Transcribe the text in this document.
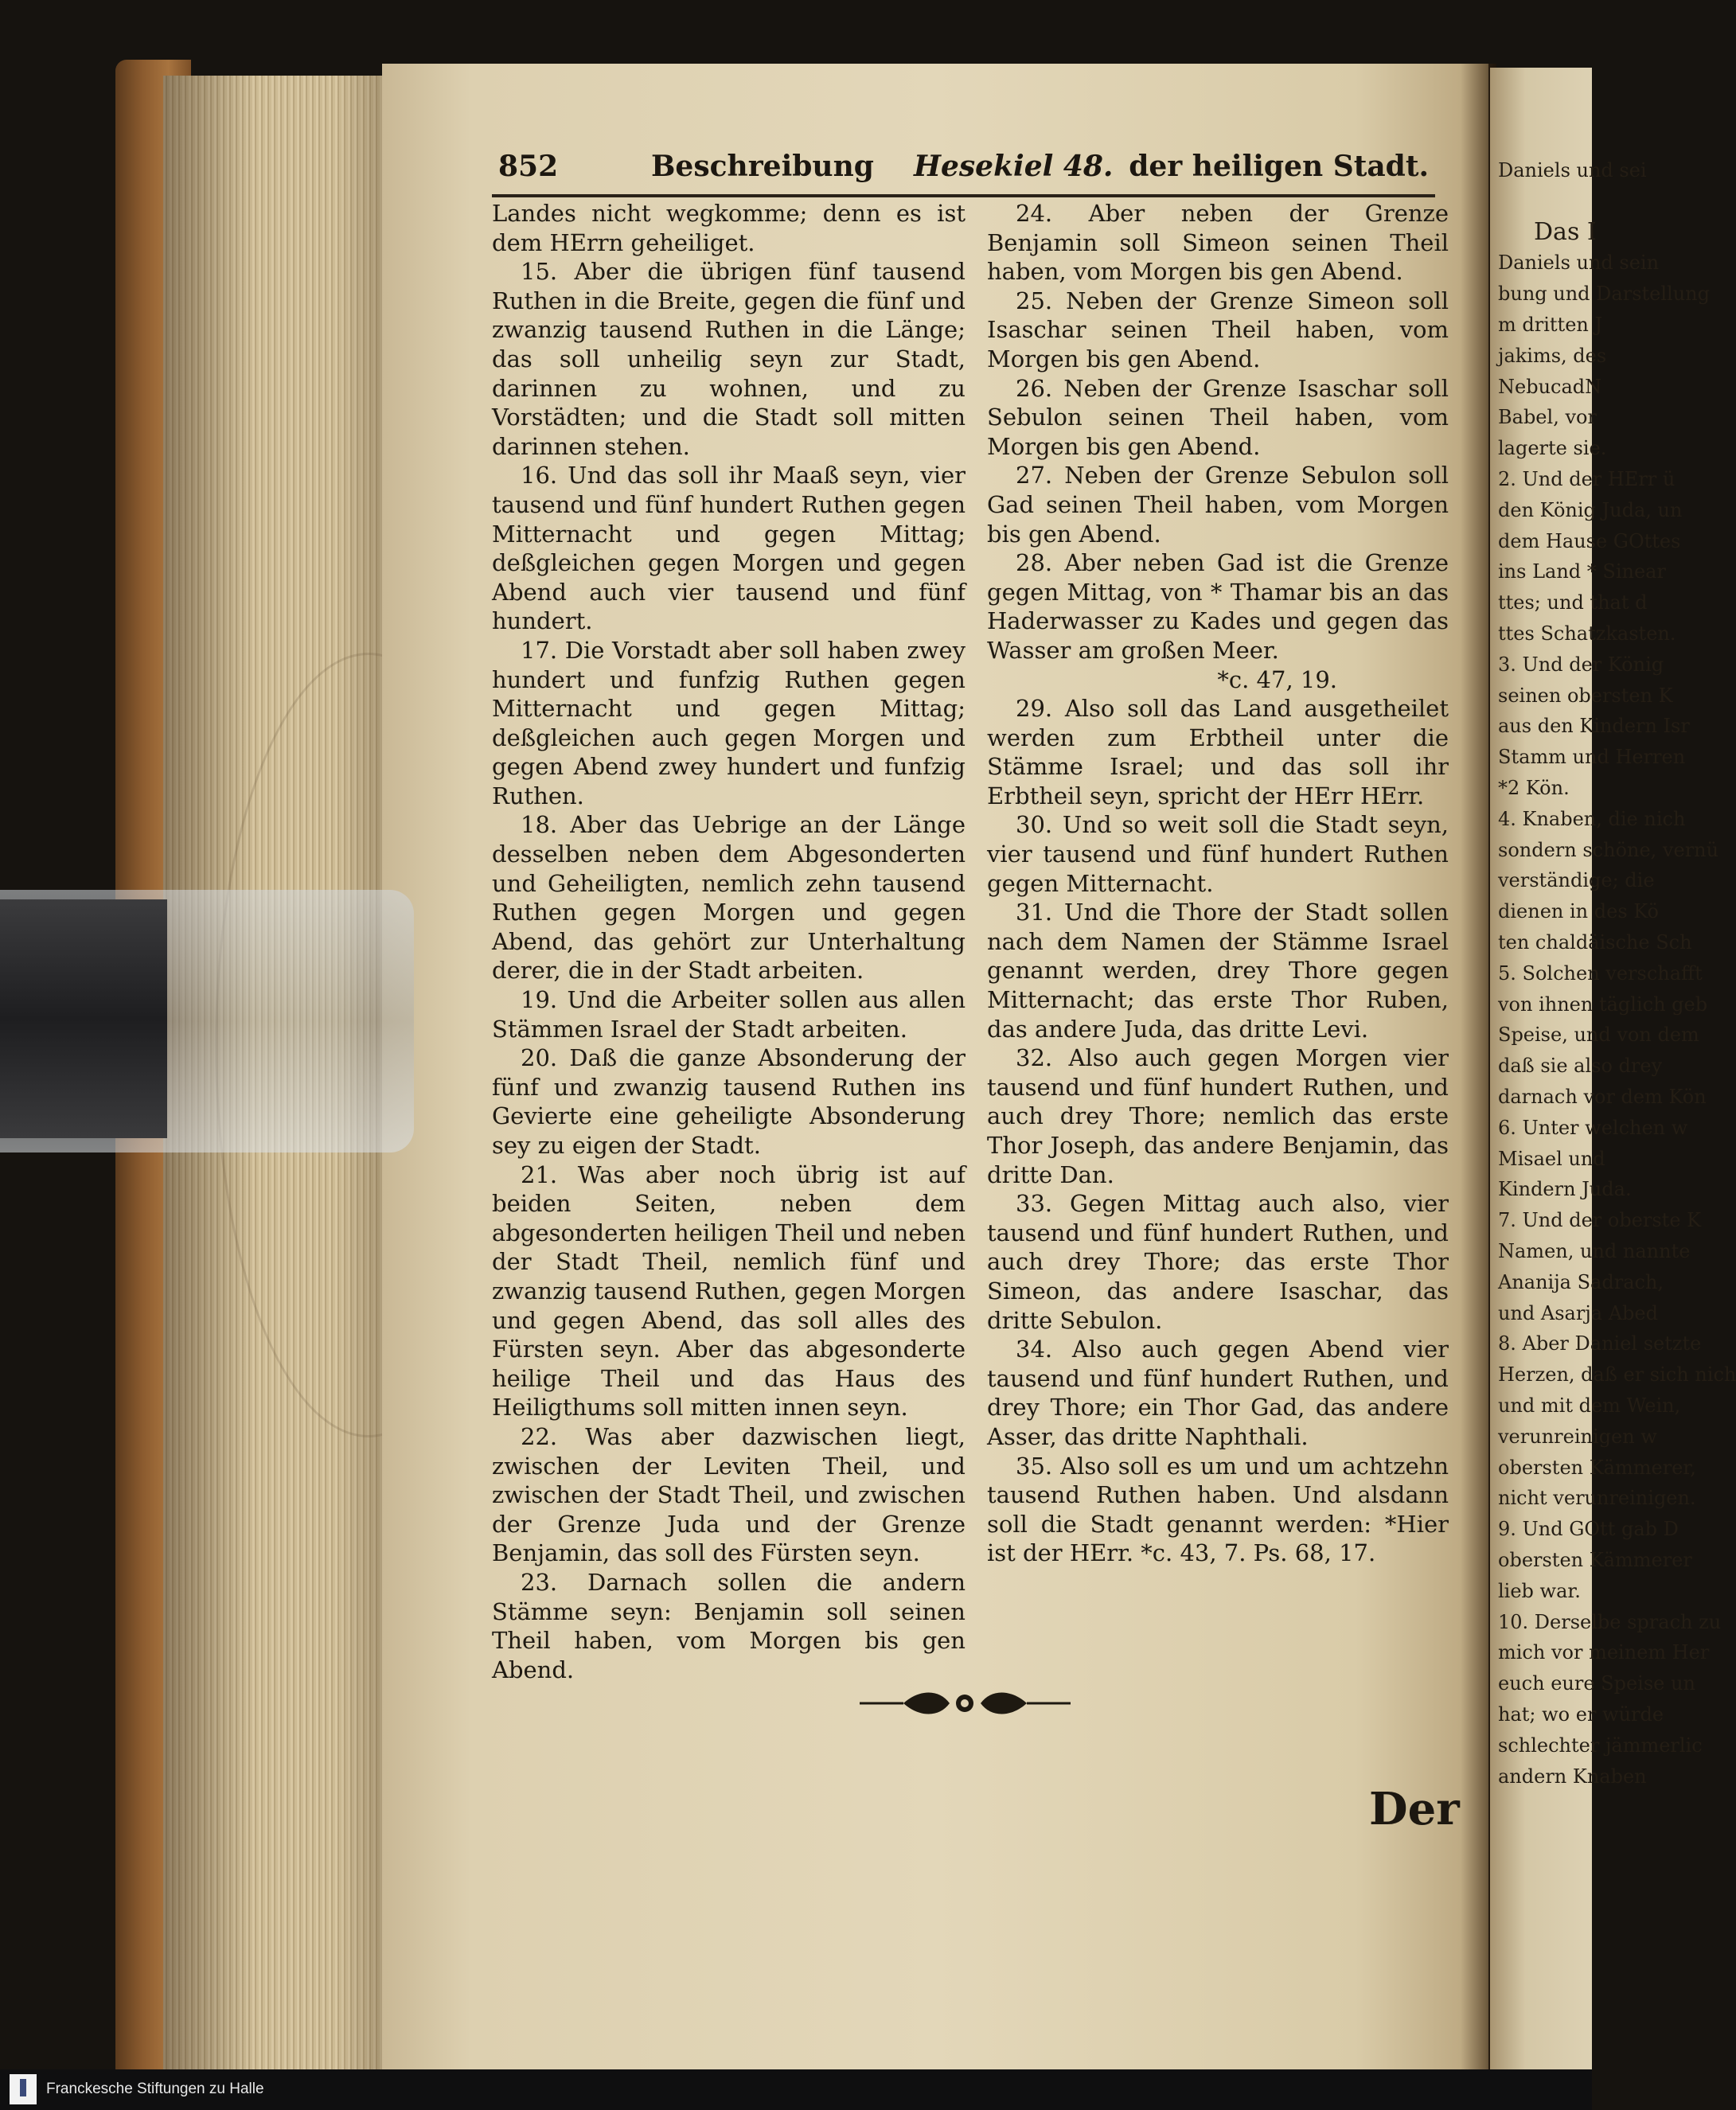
852	Beschreibung Hesekiel 48. der heiligen Stadt.

Landes nicht wegkomme; denn es ist dem HErrn geheiliget.

15. Aber die übrigen fünf tausend Ruthen in die Breite, gegen die fünf und zwanzig tausend Ruthen in die Länge; das soll unheilig seyn zur Stadt, darinnen zu wohnen, und zu Vorstädten; und die Stadt soll mitten darinnen stehen.

16. Und das soll ihr Maaß seyn, vier tausend und fünf hundert Ruthen gegen Mitternacht und gegen Mittag; deßgleichen gegen Morgen und gegen Abend auch vier tausend und fünf hundert.

17. Die Vorstadt aber soll haben zwey hundert und funfzig Ruthen gegen Mitternacht und gegen Mittag; deßgleichen auch gegen Morgen und gegen Abend zwey hundert und funfzig Ruthen.

18. Aber das Uebrige an der Länge desselben neben dem Abgesonderten und Geheiligten, nemlich zehn tausend Ruthen gegen Morgen und gegen Abend, das gehört zur Unterhaltung derer, die in der Stadt arbeiten.

19. Und die Arbeiter sollen aus allen Stämmen Israel der Stadt arbeiten.

20. Daß die ganze Absonderung der fünf und zwanzig tausend Ruthen ins Gevierte eine geheiligte Absonderung sey zu eigen der Stadt.

21. Was aber noch übrig ist auf beiden Seiten, neben dem abgesonderten heiligen Theil und neben der Stadt Theil, nemlich fünf und zwanzig tausend Ruthen, gegen Morgen und gegen Abend, das soll alles des Fürsten seyn. Aber das abgesonderte heilige Theil und das Haus des Heiligthums soll mitten innen seyn.

22. Was aber dazwischen liegt, zwischen der Leviten Theil, und zwischen der Stadt Theil, und zwischen der Grenze Juda und der Grenze Benjamin, das soll des Fürsten seyn.

23. Darnach sollen die andern Stämme seyn: Benjamin soll seinen Theil haben, vom Morgen bis gen Abend.

24. Aber neben der Grenze Benjamin soll Simeon seinen Theil haben, vom Morgen bis gen Abend.

25. Neben der Grenze Simeon soll Isaschar seinen Theil haben, vom Morgen bis gen Abend.

26. Neben der Grenze Isaschar soll Sebulon seinen Theil haben, vom Morgen bis gen Abend.

27. Neben der Grenze Sebulon soll Gad seinen Theil haben, vom Morgen bis gen Abend.

28. Aber neben Gad ist die Grenze gegen Mittag, von * Thamar bis an das Haderwasser zu Kades und gegen das Wasser am großen Meer.

*c. 47, 19.

29. Also soll das Land ausgetheilet werden zum Erbtheil unter die Stämme Israel; und das soll ihr Erbtheil seyn, spricht der HErr HErr.

30. Und so weit soll die Stadt seyn, vier tausend und fünf hundert Ruthen gegen Mitternacht.

31. Und die Thore der Stadt sollen nach dem Namen der Stämme Israel genannt werden, drey Thore gegen Mitternacht; das erste Thor Ruben, das andere Juda, das dritte Levi.

32. Also auch gegen Morgen vier tausend und fünf hundert Ruthen, und auch drey Thore; nemlich das erste Thor Joseph, das andere Benjamin, das dritte Dan.

33. Gegen Mittag auch also, vier tausend und fünf hundert Ruthen, und auch drey Thore; das erste Thor Simeon, das andere Isaschar, das dritte Sebulon.

34. Also auch gegen Abend vier tausend und fünf hundert Ruthen, und drey Thore; ein Thor Gad, das andere Asser, das dritte Naphthali.

35. Also soll es um und um achtzehn tausend Ruthen haben. Und alsdann soll die Stadt genannt werden: *Hier ist der HErr. *c. 43, 7. Ps. 68, 17.

Der
Daniels und sei
Das I
Daniels und sein
bung und Darstellung
m dritten J
jakims, des
NebucadN
Babel, vor
lagerte sie.
2. Und der HErr ü
den König Juda, un
dem Hause GOttes
ins Land * Sinear
ttes; und that d
ttes Schatzkasten.
3. Und der König
seinen obersten K
aus den Kindern Isr
Stamm und Herren
*2 Kön.
4. Knaben, die nich
sondern schöne, vernü
verständige; die
dienen in des Kö
ten chaldäische Sch
5. Solchen verschafft
von ihnen täglich geb
Speise, und von dem
daß sie also drey
darnach vor dem Kön
6. Unter welchen w
Misael und
Kindern Juda.
7. Und der oberste K
Namen, und nannte
Ananija Sadrach,
und Asarja Abed
8. Aber Daniel setzte
Herzen, daß er sich nich
und mit dem Wein,
verunreinigen w
obersten Kämmerer,
nicht verunreinigen.
9. Und GOtt gab D
obersten Kämmerer
lieb war.
10. Derselbe sprach zu
mich vor meinem Her
euch eure Speise un
hat; wo er würde
schlechter jämmerlic
andern Knaben
Franckesche Stiftungen zu Halle
